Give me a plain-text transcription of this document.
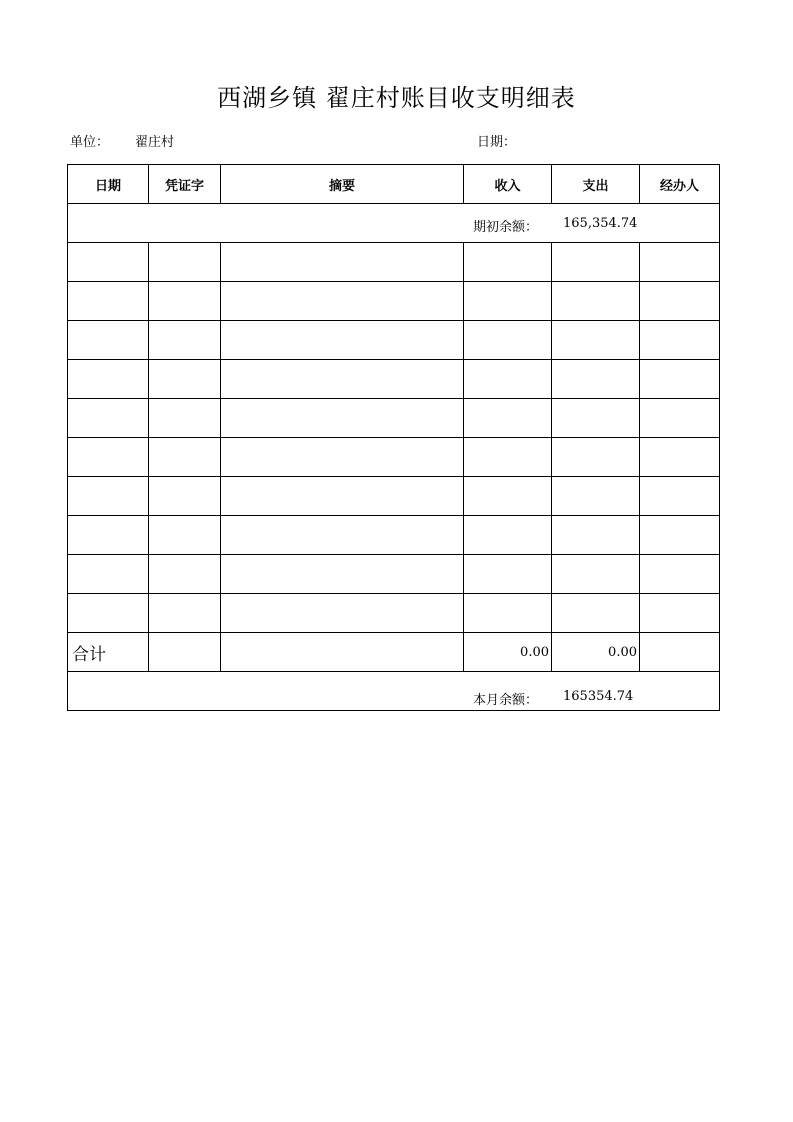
西湖乡镇 翟庄村账目收支明细表
单位： 翟庄村	日期：
日期	凭证字	摘要	收入	支出	经办人

期初余额： 165,354.74					

合计			0.00	0.00	

本月余额： 165354.74					
